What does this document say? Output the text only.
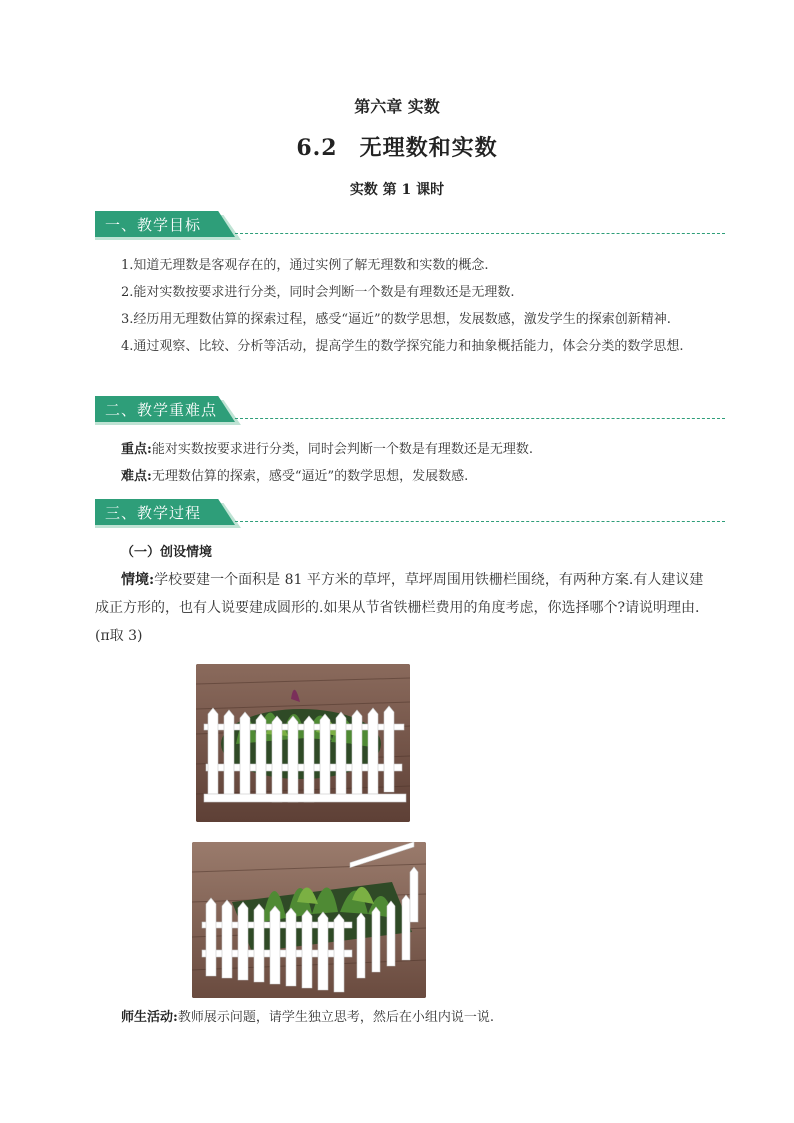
第六章 实数
6.2 无理数和实数
实数 第 1 课时
一、教学目标
1.知道无理数是客观存在的，通过实例了解无理数和实数的概念.
2.能对实数按要求进行分类，同时会判断一个数是有理数还是无理数.
3.经历用无理数估算的探索过程，感受“逼近”的数学思想，发展数感，激发学生的探索创新精神.
4.通过观察、比较、分析等活动，提高学生的数学探究能力和抽象概括能力，体会分类的数学思想.
二、教学重难点
重点:能对实数按要求进行分类，同时会判断一个数是有理数还是无理数.
难点:无理数估算的探索，感受“逼近”的数学思想，发展数感.
三、教学过程
（一）创设情境
情境:学校要建一个面积是 81 平方米的草坪，草坪周围用铁栅栏围绕，有两种方案.有人建议建成正方形的，也有人说要建成圆形的.如果从节省铁栅栏费用的角度考虑，你选择哪个?请说明理由.(π取 3)
师生活动:教师展示问题，请学生独立思考，然后在小组内说一说.
